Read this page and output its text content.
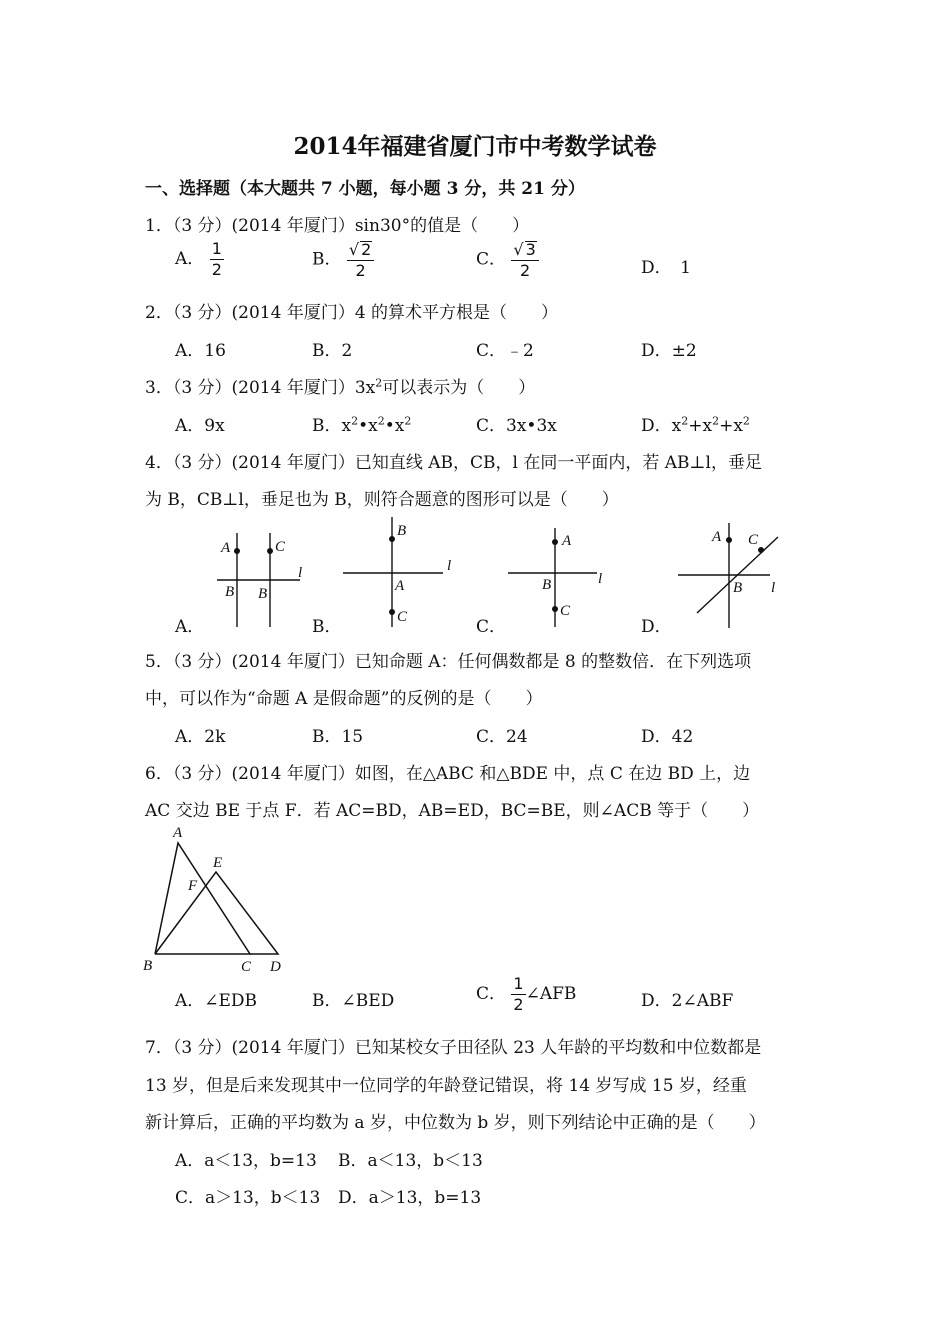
2014年福建省厦门市中考数学试卷
一、选择题（本大题共 7 小题，每小题 3 分，共 21 分）
1．（3 分）(2014 年厦门）sin30°的值是（　　）
A． $\frac{1}{2}$	B． $\frac{√ 2}{2}$	C． $\frac{√ 3}{2}$	D．　1
2．（3 分）(2014 年厦门）4 的算术平方根是（　　）
A．16	B．2	C．﹣2	D．±2
3．（3 分）(2014 年厦门）$3x^2$可以表示为（　　）
A．9x	B．$x^2•x^2•x^2$	C．3x•3x	D．$x^2+x^2+x^2$
4．（3 分）(2014 年厦门）已知直线 AB，CB，l 在同一平面内，若 AB⊥l，垂足
为 B，CB⊥l，垂足也为 B，则符合题意的图形可以是（　　）
A	C
B B
l
A．
B
C
A
l
B．
A
C
B	l
C．
A C
B l
D．
5．（3 分）(2014 年厦门）已知命题 A：任何偶数都是 8 的整数倍．在下列选项
中，可以作为“命题 A 是假命题”的反例的是（　　）
A．2k	B．15	C．24	D．42
6．（3 分）(2014 年厦门）如图，在△ABC 和△BDE 中，点 C 在边 BD 上，边
AC 交边 BE 于点 F．若 AC=BD，AB=ED，BC=BE，则∠ACB 等于（　　）
A
E
F
B	C D
A．∠EDB	B．∠BED	C． $\frac{1}{2}$ ∠AFB	D．2∠ABF
7．（3 分）(2014 年厦门）已知某校女子田径队 23 人年龄的平均数和中位数都是
13 岁，但是后来发现其中一位同学的年龄登记错误，将 14 岁写成 15 岁，经重
新计算后，正确的平均数为 a 岁，中位数为 b 岁，则下列结论中正确的是（　　）
A．a＜13，b=13 B．a＜13，b＜13
C．a＞13，b＜13 D．a＞13，b=13
